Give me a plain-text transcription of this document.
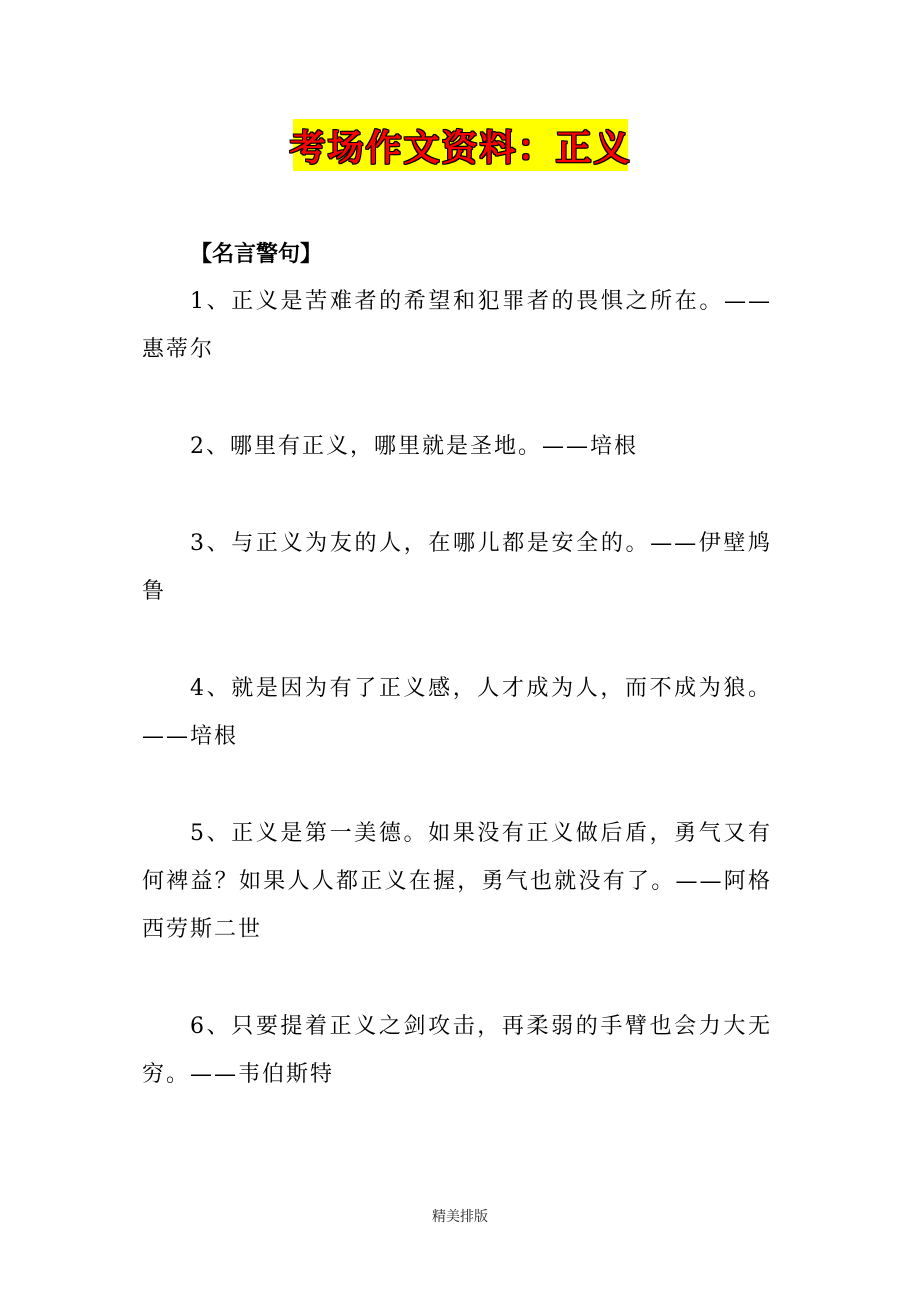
考场作文资料：正义
【名言警句】

1、正义是苦难者的希望和犯罪者的畏惧之所在。——惠蒂尔

2、哪里有正义，哪里就是圣地。——培根

3、与正义为友的人，在哪儿都是安全的。——伊壁鸠鲁

4、就是因为有了正义感，人才成为人，而不成为狼。——培根

5、正义是第一美德。如果没有正义做后盾，勇气又有何裨益？如果人人都正义在握，勇气也就没有了。——阿格西劳斯二世

6、只要提着正义之剑攻击，再柔弱的手臂也会力大无穷。——韦伯斯特

精美排版
